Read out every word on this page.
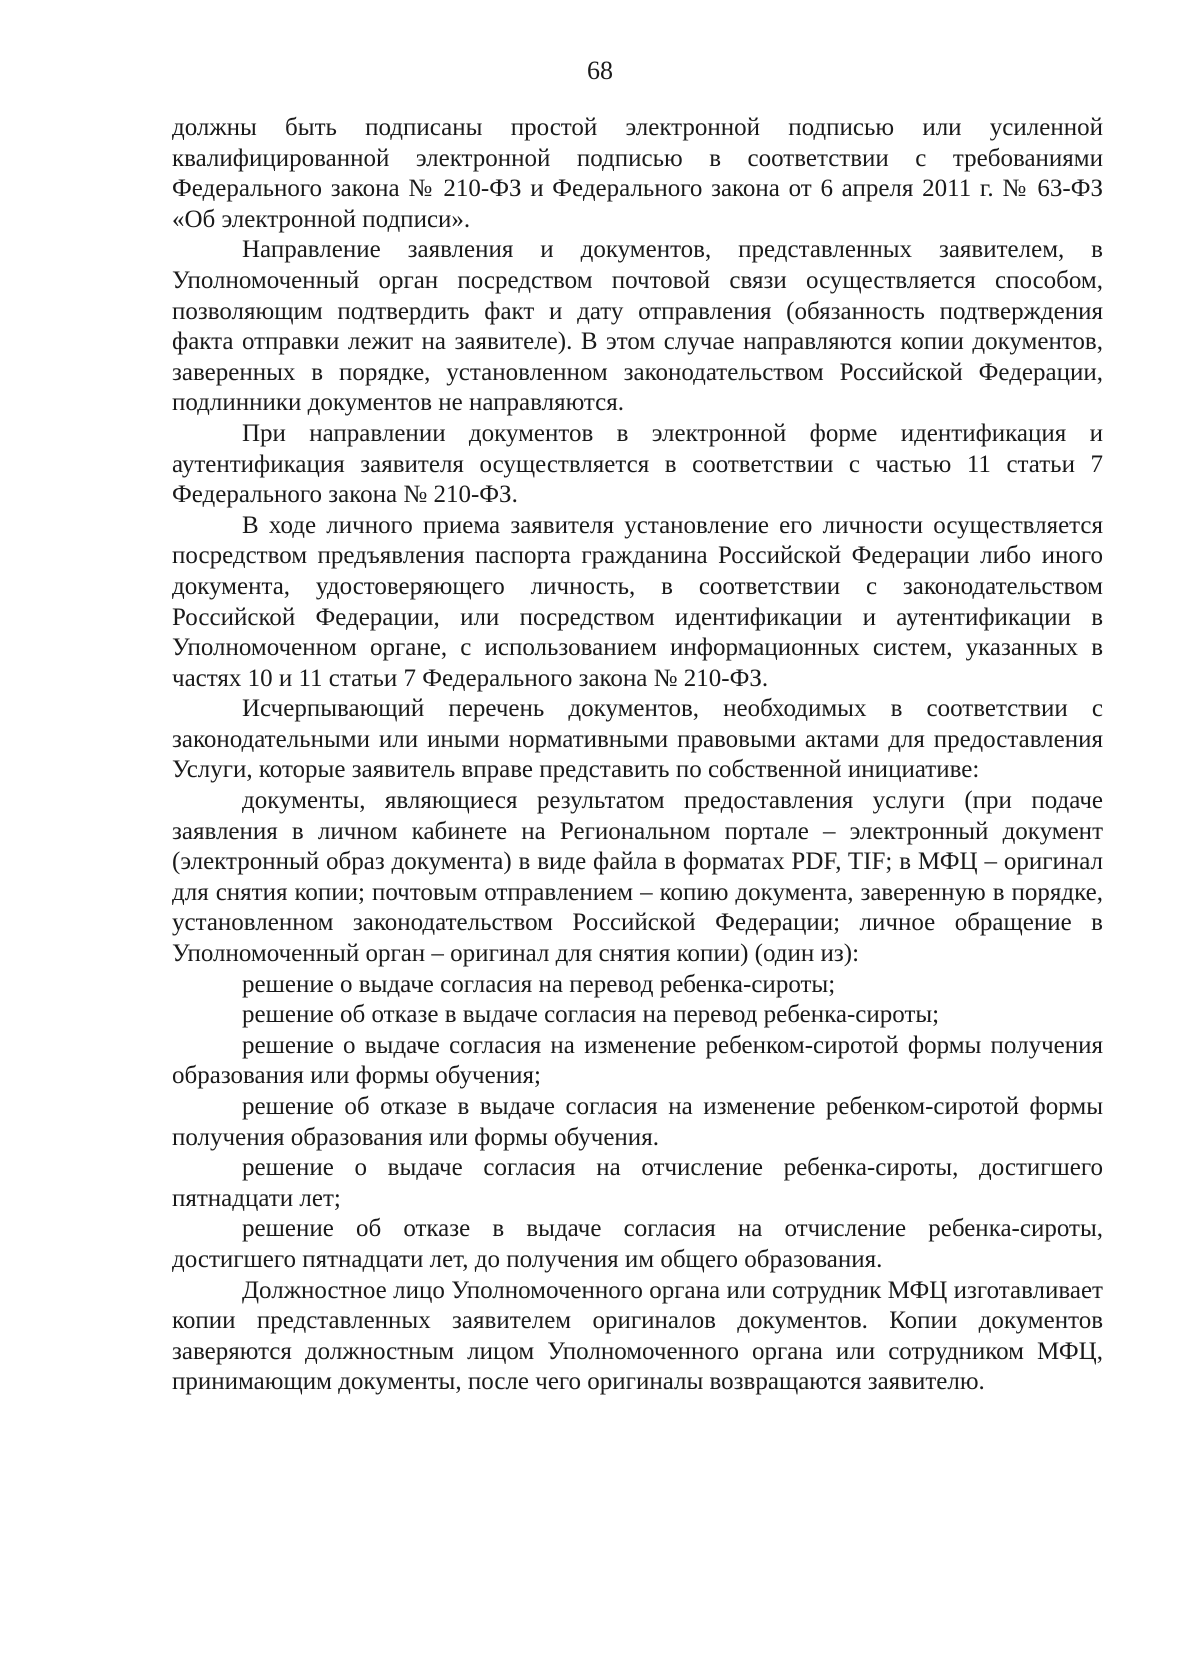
68

должны быть подписаны простой электронной подписью или усиленной квалифицированной электронной подписью в соответствии с требованиями Федерального закона № 210-ФЗ и Федерального закона от 6 апреля 2011 г. № 63-ФЗ «Об электронной подписи».

Направление заявления и документов, представленных заявителем, в Уполномоченный орган посредством почтовой связи осуществляется способом, позволяющим подтвердить факт и дату отправления (обязанность подтверждения факта отправки лежит на заявителе). В этом случае направляются копии документов, заверенных в порядке, установленном законодательством Российской Федерации, подлинники документов не направляются.

При направлении документов в электронной форме идентификация и аутентификация заявителя осуществляется в соответствии с частью 11 статьи 7 Федерального закона № 210-ФЗ.

В ходе личного приема заявителя установление его личности осуществляется посредством предъявления паспорта гражданина Российской Федерации либо иного документа, удостоверяющего личность, в соответствии с законодательством Российской Федерации, или посредством идентификации и аутентификации в Уполномоченном органе, с использованием информационных систем, указанных в частях 10 и 11 статьи 7 Федерального закона № 210-ФЗ.

Исчерпывающий перечень документов, необходимых в соответствии с законодательными или иными нормативными правовыми актами для предоставления Услуги, которые заявитель вправе представить по собственной инициативе:

документы, являющиеся результатом предоставления услуги (при подаче заявления в личном кабинете на Региональном портале – электронный документ (электронный образ документа) в виде файла в форматах PDF, TIF; в МФЦ – оригинал для снятия копии; почтовым отправлением – копию документа, заверенную в порядке, установленном законодательством Российской Федерации; личное обращение в Уполномоченный орган – оригинал для снятия копии) (один из):

решение о выдаче согласия на перевод ребенка-сироты;

решение об отказе в выдаче согласия на перевод ребенка-сироты;

решение о выдаче согласия на изменение ребенком-сиротой формы получения образования или формы обучения;

решение об отказе в выдаче согласия на изменение ребенком-сиротой формы получения образования или формы обучения.

решение о выдаче согласия на отчисление ребенка-сироты, достигшего пятнадцати лет;

решение об отказе в выдаче согласия на отчисление ребенка-сироты, достигшего пятнадцати лет, до получения им общего образования.

Должностное лицо Уполномоченного органа или сотрудник МФЦ изготавливает копии представленных заявителем оригиналов документов. Копии документов заверяются должностным лицом Уполномоченного органа или сотрудником МФЦ, принимающим документы, после чего оригиналы возвращаются заявителю.
